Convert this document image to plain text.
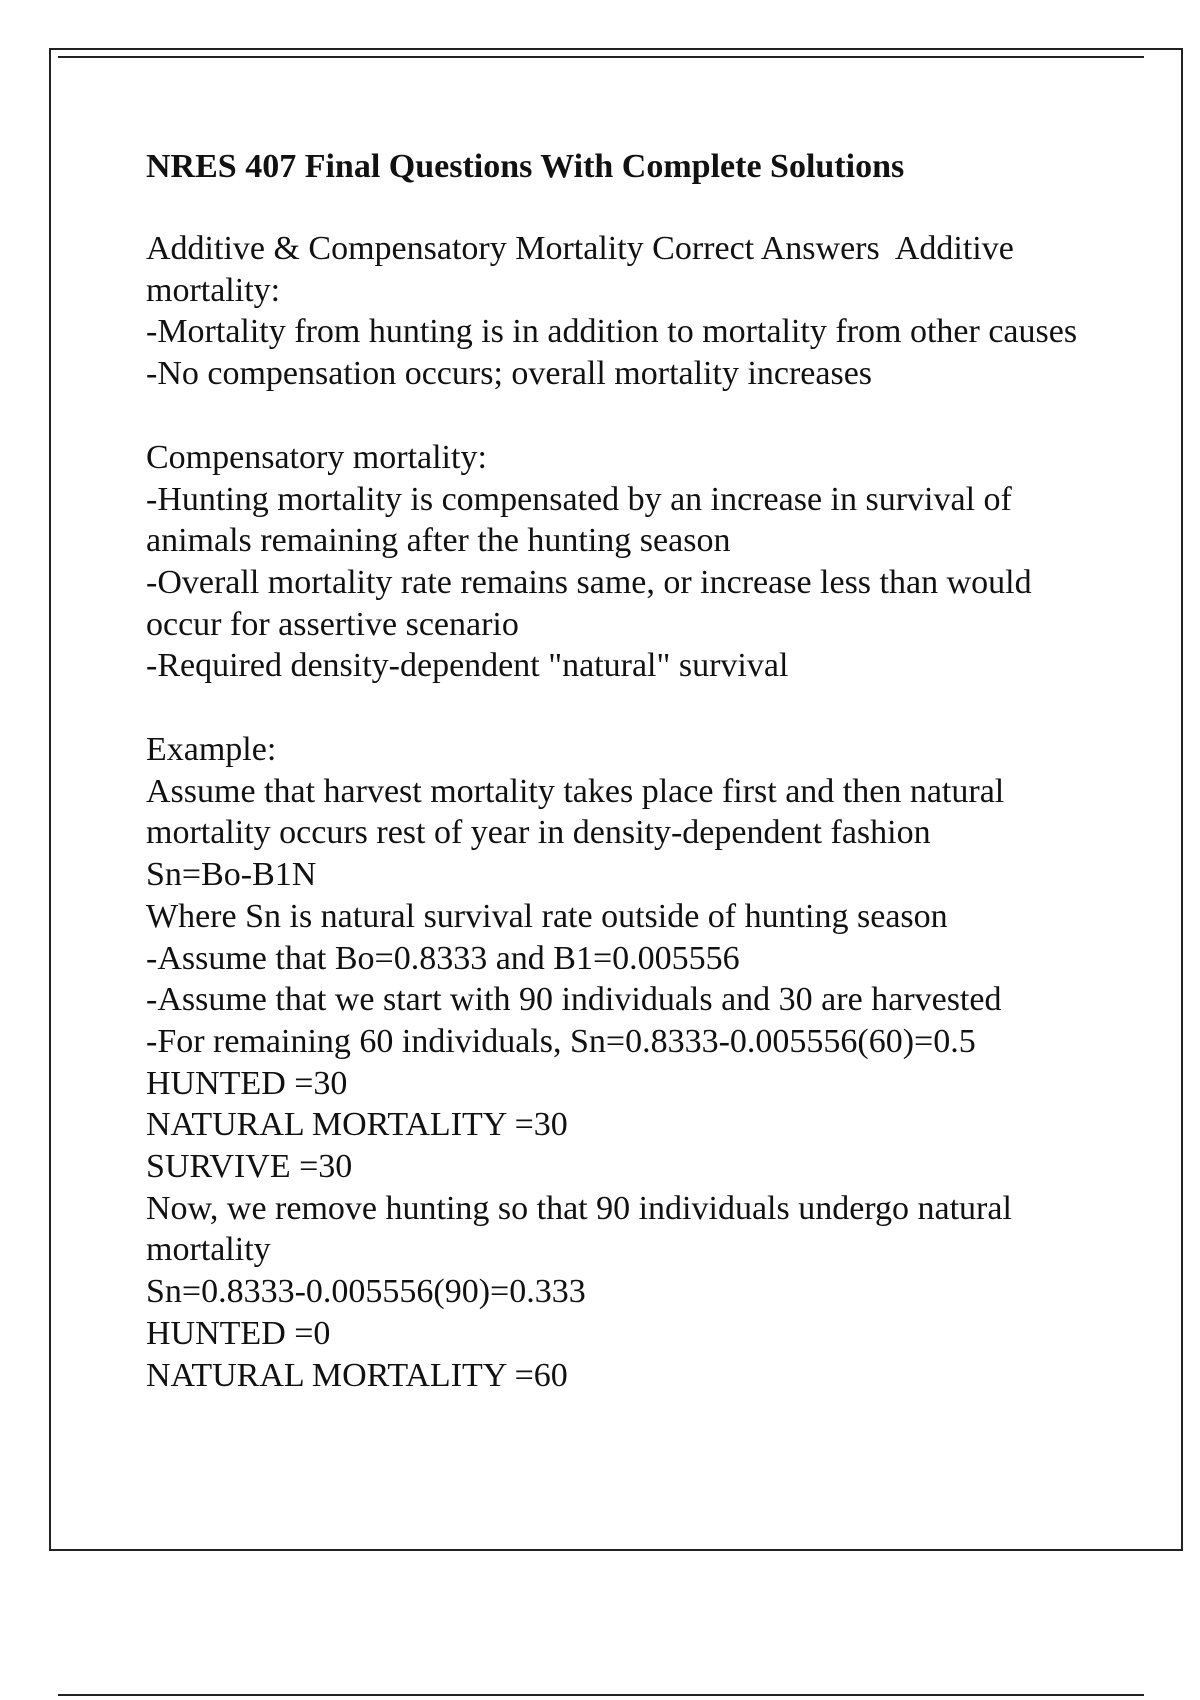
NRES 407 Final Questions With Complete Solutions

Additive & Compensatory Mortality Correct Answers  Additive mortality:

-Mortality from hunting is in addition to mortality from other causes

-No compensation occurs; overall mortality increases

Compensatory mortality:

-Hunting mortality is compensated by an increase in survival of animals remaining after the hunting season

-Overall mortality rate remains same, or increase less than would occur for assertive scenario

-Required density-dependent "natural" survival

Example:

Assume that harvest mortality takes place first and then natural mortality occurs rest of year in density-dependent fashion

Sn=Bo-B1N

Where Sn is natural survival rate outside of hunting season

-Assume that Bo=0.8333 and B1=0.005556

-Assume that we start with 90 individuals and 30 are harvested

-For remaining 60 individuals, Sn=0.8333-0.005556(60)=0.5

HUNTED =30

NATURAL MORTALITY =30

SURVIVE =30

Now, we remove hunting so that 90 individuals undergo natural mortality

Sn=0.8333-0.005556(90)=0.333

HUNTED =0

NATURAL MORTALITY =60
